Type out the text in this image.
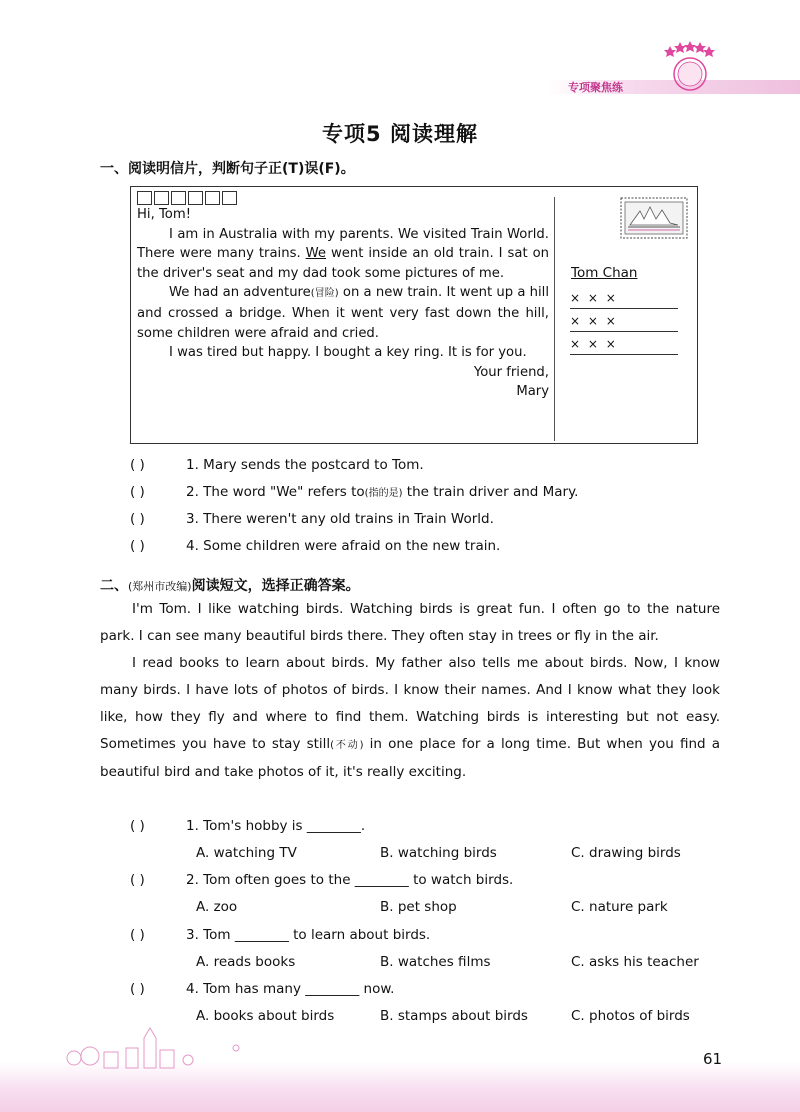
专项聚焦练
专项5 阅读理解
一、阅读明信片，判断句子正(T)误(F)。

Hi, Tom!

I am in Australia with my parents. We visited Train World. There were many trains. We went inside an old train. I sat on the driver's seat and my dad took some pictures of me.

We had an adventure(冒险) on a new train. It went up a hill and crossed a bridge. When it went very fast down the hill, some children were afraid and cried.

I was tired but happy. I bought a key ring. It is for you.

Your friend,

Mary

Tom Chan
× × ×
× × ×
× × ×
( )	1. Mary sends the postcard to Tom.
( )	2. The word "We" refers to(指的是) the train driver and Mary.
( )	3. There weren't any old trains in Train World.
( )	4. Some children were afraid on the new train.
二、(郑州市改编)阅读短文，选择正确答案。

I'm Tom. I like watching birds. Watching birds is great fun. I often go to the nature park. I can see many beautiful birds there. They often stay in trees or fly in the air.

I read books to learn about birds. My father also tells me about birds. Now, I know many birds. I have lots of photos of birds. I know their names. And I know what they look like, how they fly and where to find them. Watching birds is interesting but not easy. Sometimes you have to stay still(不动) in one place for a long time. But when you find a beautiful bird and take photos of it, it's really exciting.

( )	1. Tom's hobby is ________.
A. watching TV	B. watching birds	C. drawing birds
( )	2. Tom often goes to the ________ to watch birds.
A. zoo	B. pet shop	C. nature park
( )	3. Tom ________ to learn about birds.
A. reads books	B. watches films	C. asks his teacher
( )	4. Tom has many ________ now.
A. books about birds	B. stamps about birds	C. photos of birds
61
